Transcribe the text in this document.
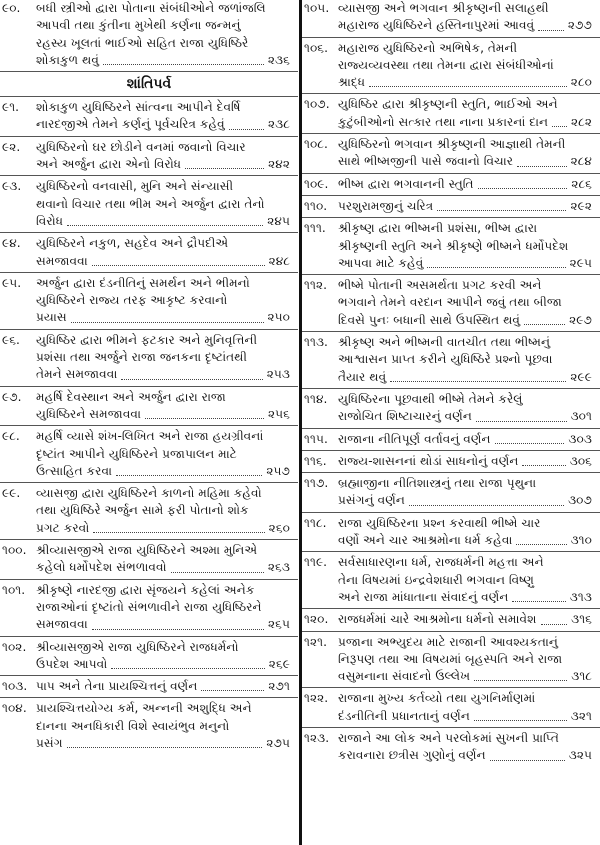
૯૦. બધી સ્ત્રીઓ દ્વારા પોતાના સંબંધીઓને જળાંજલિ
આપવી તથા કુંતીના મુખેથી કર્ણના જન્મનું
રહસ્ય ખૂલતાં ભાઈઓ સહિત રાજા યુધિષ્ઠિરે
શોકાકુળ થવું	૨૩૬
શાંતિપર્વ
૯૧. શોકાકુળ યુધિષ્ઠિરને સાંત્વના આપીને દેવર્ષિ
નારદજીએ તેમને કર્ણનું પૂર્વચરિત્ર કહેવું	૨૩૮
૯૨. યુધિષ્ઠિરનો ઘર છોડીને વનમાં જવાનો વિચાર
અને અર્જુન દ્વારા એનો વિરોધ	૨૪૨
૯૩. યુધિષ્ઠિરનો વનવાસી, મુનિ અને સંન્યાસી
થવાનો વિચાર તથા ભીમ અને અર્જુન દ્વારા તેનો
વિરોધ	૨૪૫
૯૪. યુધિષ્ઠિરને નકુળ, સહદેવ અને દ્રૌપદીએ
સમજાવવા	૨૪૮
૯૫. અર્જુન દ્વારા દંડનીતિનું સમર્થન અને ભીમનો
યુધિષ્ઠિરને રાજ્ય તરફ આકૃષ્ટ કરવાનો
પ્રયાસ	૨૫૦
૯૬. યુધિષ્ઠિર દ્વારા ભીમને ફટકાર અને મુનિવૃત્તિની
પ્રશંસા તથા અર્જુને રાજા જનકના દૃષ્ટાંતથી
તેમને સમજાવવા	૨૫૩
૯૭. મહર્ષિ દેવસ્થાન અને અર્જુન દ્વારા રાજા
યુધિષ્ઠિરને સમજાવવા	૨૫૬
૯૮. મહર્ષિ વ્યાસે શંખ-લિખિત અને રાજા હયગ્રીવનાં
દૃષ્ટાંત આપીને યુધિષ્ઠિરને પ્રજાપાલન માટે
ઉત્સાહિત કરવા	૨૫૭
૯૯. વ્યાસજી દ્વારા યુધિષ્ઠિરને કાળનો મહિમા કહેવો
તથા યુધિષ્ઠિરે અર્જુન સામે ફરી પોતાનો શોક
પ્રગટ કરવો	૨૬૦
૧૦૦. શ્રીવ્યાસજીએ રાજા યુધિષ્ઠિરને અશ્મા મુનિએ
કહેલો ધર્મોપદેશ સંભળાવવો	૨૬૩
૧૦૧. શ્રીકૃષ્ણે નારદજી દ્વારા સૃંજયને કહેલાં અનેક
રાજાઓનાં દૃષ્ટાંતો સંભળાવીને રાજા યુધિષ્ઠિરને
સમજાવવા	૨૬૫
૧૦૨. શ્રીવ્યાસજીએ રાજા યુધિષ્ઠિરને રાજધર્મનો
ઉપદેશ આપવો	૨૬૯
૧૦૩. પાપ અને તેના પ્રાયશ્ચિત્તનું વર્ણન	૨૭૧
૧૦૪. પ્રાયશ્ચિત્તયોગ્ય કર્મ, અન્નની અશુદ્ધિ અને
દાનના અનધિકારી વિશે સ્વાયંભુવ મનુનો
પ્રસંગ	૨૭૫
૧૦૫. વ્યાસજી અને ભગવાન શ્રીકૃષ્ણની સલાહથી
મહારાજ યુધિષ્ઠિરને હસ્તિનાપુરમાં આવવું	૨૭૭
૧૦૬. મહારાજ યુધિષ્ઠિરનો અભિષેક, તેમની
રાજ્યવ્યવસ્થા તથા તેમના દ્વારા સંબંધીઓનાં
શ્રાદ્ધ	૨૮૦
૧૦૭. યુધિષ્ઠિર દ્વારા શ્રીકૃષ્ણની સ્તુતિ, ભાઈઓ અને
કુટુંબીઓનો સત્કાર તથા નાના પ્રકારનાં દાન ૨૮૨
૧૦૮. યુધિષ્ઠિરનો ભગવાન શ્રીકૃષ્ણની આજ્ઞાથી તેમની
સાથે ભીષ્મજીની પાસે જવાનો વિચાર	૨૮૪
૧૦૯. ભીષ્મ દ્વારા ભગવાનની સ્તુતિ	૨૮૬
૧૧૦. પરશુરામજીનું ચરિત્ર	૨૯૨
૧૧૧. શ્રીકૃષ્ણ દ્વારા ભીષ્મની પ્રશંસા, ભીષ્મ દ્વારા
શ્રીકૃષ્ણની સ્તુતિ અને શ્રીકૃષ્ણે ભીષ્મને ધર્મોપદેશ
આપવા માટે કહેવું	૨૯૫
૧૧૨. ભીષ્મે પોતાની અસમર્થતા પ્રગટ કરવી અને
ભગવાને તેમને વરદાન આપીને જવું તથા બીજા
દિવસે પુનઃ બધાની સાથે ઉપસ્થિત થવું	૨૯૭
૧૧૩. શ્રીકૃષ્ણ અને ભીષ્મની વાતચીત તથા ભીષ્મનું
આશ્વાસન પ્રાપ્ત કરીને યુધિષ્ઠિરે પ્રશ્નો પૂછવા
તૈયાર થવું	૨૯૯
૧૧૪. યુધિષ્ઠિરના પૂછવાથી ભીષ્મે તેમને કરેલું
રાજોચિત શિષ્ટાચારનું વર્ણન	૩૦૧
૧૧૫. રાજાના નીતિપૂર્ણ વર્તાવનું વર્ણન	૩૦૩
૧૧૬. રાજ્ય-શાસનનાં થોડાં સાધનોનું વર્ણન	૩૦૬
૧૧૭. બ્રહ્માજીના નીતિશાસ્ત્રનું તથા રાજા પૃથુના
પ્રસંગનું વર્ણન	૩૦૭
૧૧૮. રાજા યુધિષ્ઠિરના પ્રશ્ન કરવાથી ભીષ્મે ચાર
વર્ણો અને ચાર આશ્રમોના ધર્મ કહેવા	૩૧૦
૧૧૯. સર્વસાધારણના ધર્મ, રાજધર્મની મહત્તા અને
તેના વિષયમાં ઇન્દ્રવેશધારી ભગવાન વિષ્ણુ
અને રાજા માંધાતાના સંવાદનું વર્ણન	૩૧૩
૧૨૦. રાજધર્મમાં ચારે આશ્રમોના ધર્મનો સમાવેશ	૩૧૬
૧૨૧. પ્રજાના અભ્યુદય માટે રાજાની આવશ્યકતાનું
નિરૂપણ તથા આ વિષયમાં બૃહસ્પતિ અને રાજા
વસુમનાના સંવાદનો ઉલ્લેખ	૩૧૮
૧૨૨. રાજાના મુખ્ય કર્તવ્યો તથા યુગનિર્માણમાં
દંડનીતિની પ્રધાનતાનું વર્ણન	૩૨૧
૧૨૩. રાજાને આ લોક અને પરલોકમાં સુખની પ્રાપ્તિ
કરાવનારા છત્રીસ ગુણોનું વર્ણન	૩૨૫
